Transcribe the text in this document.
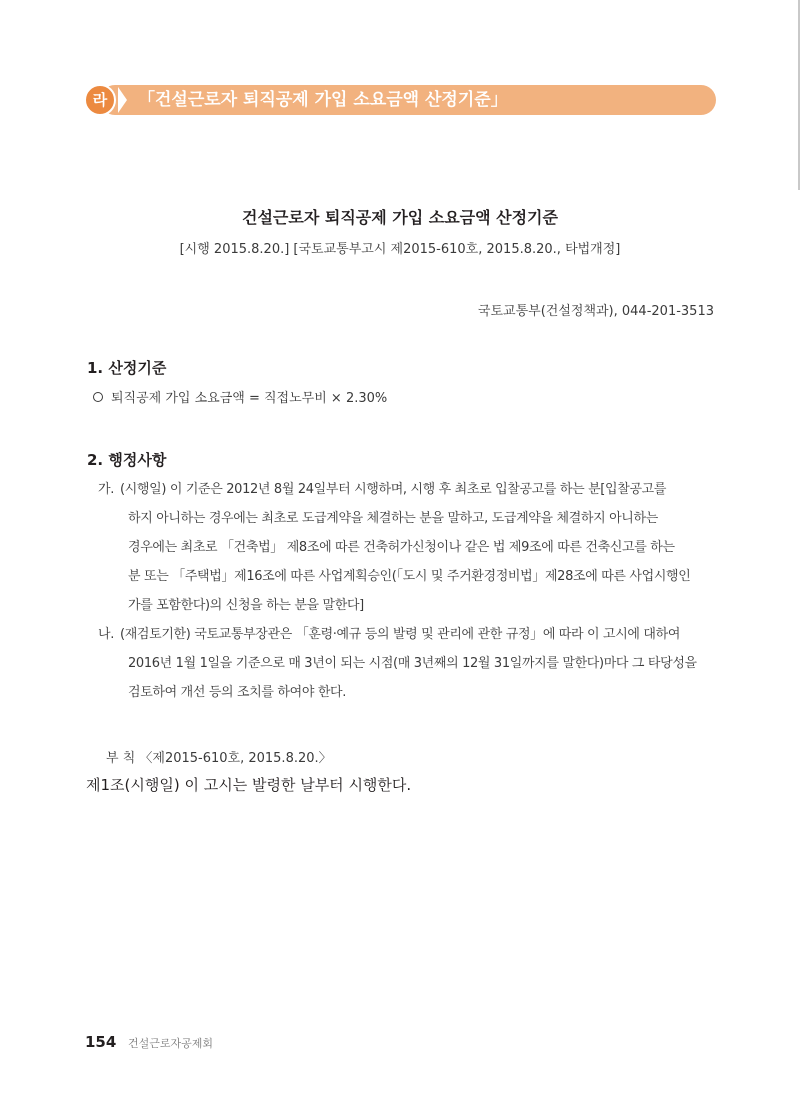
라	「건설근로자 퇴직공제 가입 소요금액 산정기준」
건설근로자 퇴직공제 가입 소요금액 산정기준
[시행 2015.8.20.] [국토교통부고시 제2015-610호, 2015.8.20., 타법개정]
국토교통부(건설정책과), 044-201-3513
1. 산정기준
퇴직공제 가입 소요금액 = 직접노무비 × 2.30%
2. 행정사항
가. (시행일) 이 기준은 2012년 8월 24일부터 시행하며, 시행 후 최초로 입찰공고를 하는 분[입찰공고를
하지 아니하는 경우에는 최초로 도급계약을 체결하는 분을 말하고, 도급계약을 체결하지 아니하는
경우에는 최초로 「건축법」 제8조에 따른 건축허가신청이나 같은 법 제9조에 따른 건축신고를 하는
분 또는 「주택법」제16조에 따른 사업계획승인(「도시 및 주거환경정비법」제28조에 따른 사업시행인
가를 포함한다)의 신청을 하는 분을 말한다]
나. (재검토기한) 국토교통부장관은 「훈령·예규 등의 발령 및 관리에 관한 규정」에 따라 이 고시에 대하여
2016년 1월 1일을 기준으로 매 3년이 되는 시점(매 3년째의 12월 31일까지를 말한다)마다 그 타당성을
검토하여 개선 등의 조치를 하여야 한다.
부 칙 〈제2015-610호, 2015.8.20.〉
제1조(시행일) 이 고시는 발령한 날부터 시행한다.
154 건설근로자공제회
